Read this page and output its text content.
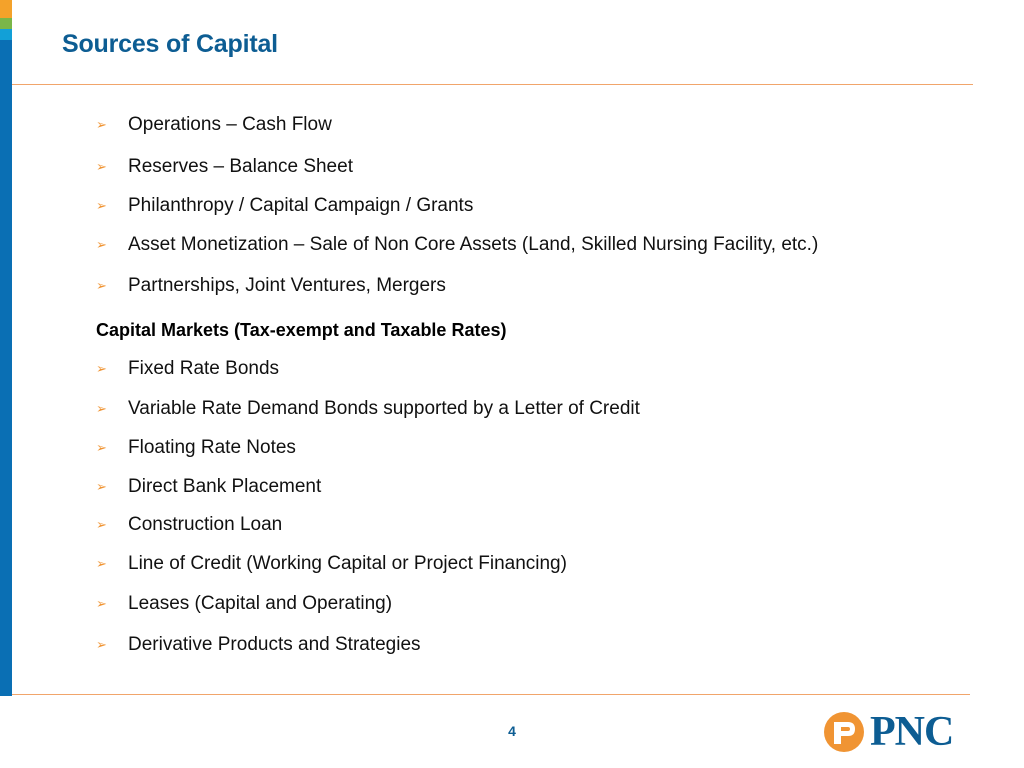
Sources of Capital
➢	Operations – Cash Flow
➢	Reserves – Balance Sheet
➢	Philanthropy / Capital Campaign / Grants
➢	Asset Monetization – Sale of Non Core Assets (Land, Skilled Nursing Facility, etc.)
➢	Partnerships, Joint Ventures, Mergers
Capital Markets (Tax-exempt and Taxable Rates)
➢	Fixed Rate Bonds
➢	Variable Rate Demand Bonds supported by a Letter of Credit
➢	Floating Rate Notes
➢	Direct Bank Placement
➢	Construction Loan
➢	Line of Credit (Working Capital or Project Financing)
➢	Leases (Capital and Operating)
➢	Derivative Products and Strategies
4	PNC
